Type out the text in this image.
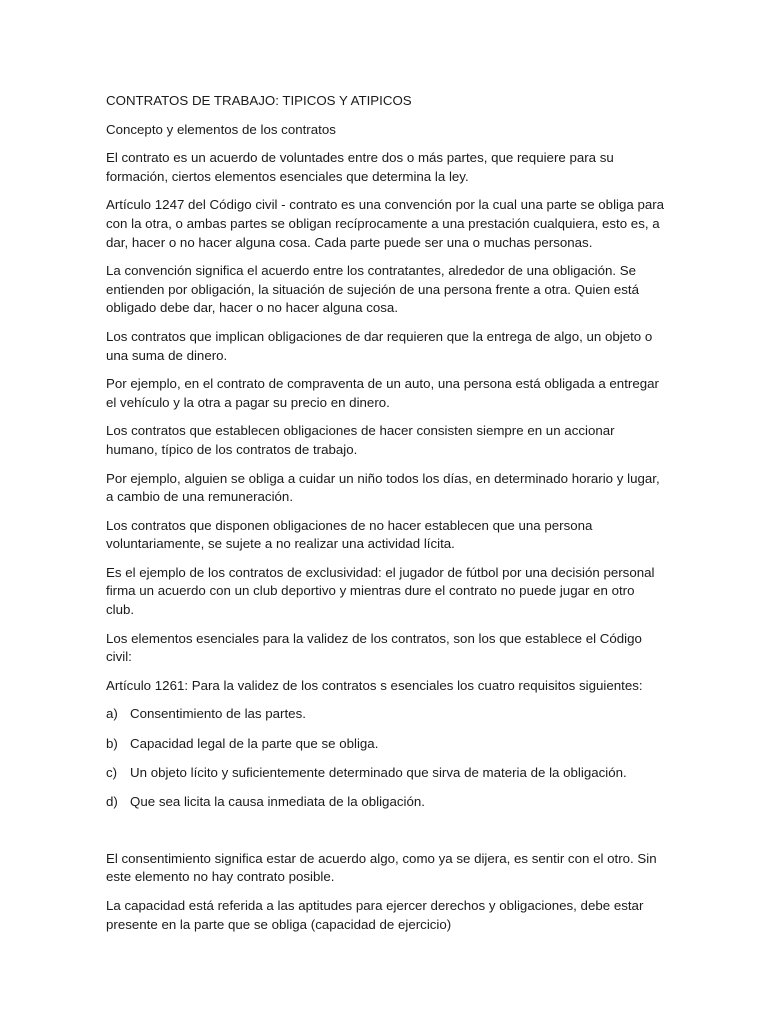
CONTRATOS DE TRABAJO: TIPICOS Y ATIPICOS

Concepto y elementos de los contratos

El contrato es un acuerdo de voluntades entre dos o más partes, que requiere para su formación, ciertos elementos esenciales que determina la ley.

Artículo 1247 del Código civil - contrato es una convención por la cual una parte se obliga para con la otra, o ambas partes se obligan recíprocamente a una prestación cualquiera, esto es, a dar, hacer o no hacer alguna cosa. Cada parte puede ser una o muchas personas.

La convención significa el acuerdo entre los contratantes, alrededor de una obligación. Se entienden por obligación, la situación de sujeción de una persona frente a otra. Quien está obligado debe dar, hacer o no hacer alguna cosa.

Los contratos que implican obligaciones de dar requieren que la entrega de algo, un objeto o una suma de dinero.

Por ejemplo, en el contrato de compraventa de un auto, una persona está obligada a entregar el vehículo y la otra a pagar su precio en dinero.

Los contratos que establecen obligaciones de hacer consisten siempre en un accionar humano, típico de los contratos de trabajo.

Por ejemplo, alguien se obliga a cuidar un niño todos los días, en determinado horario y lugar, a cambio de una remuneración.

Los contratos que disponen obligaciones de no hacer establecen que una persona voluntariamente, se sujete a no realizar una actividad lícita.

Es el ejemplo de los contratos de exclusividad: el jugador de fútbol por una decisión personal firma un acuerdo con un club deportivo y mientras dure el contrato no puede jugar en otro club.

Los elementos esenciales para la validez de los contratos, son los que establece el Código civil:

Artículo 1261: Para la validez de los contratos s esenciales los cuatro requisitos siguientes:

a) Consentimiento de las partes.
b) Capacidad legal de la parte que se obliga.
c) Un objeto lícito y suficientemente determinado que sirva de materia de la obligación.
d) Que sea licita la causa inmediata de la obligación.

El consentimiento significa estar de acuerdo algo, como ya se dijera, es sentir con el otro. Sin este elemento no hay contrato posible.

La capacidad está referida a las aptitudes para ejercer derechos y obligaciones, debe estar presente en la parte que se obliga (capacidad de ejercicio)
